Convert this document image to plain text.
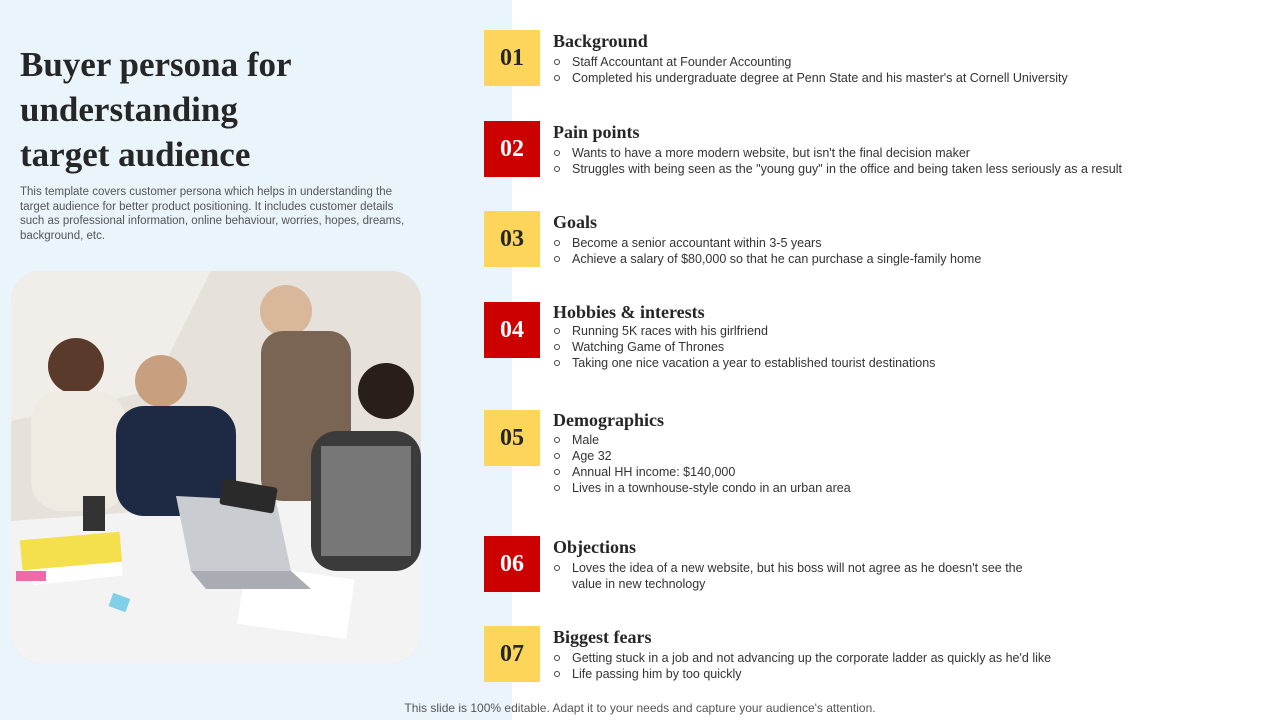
Buyer persona for
understanding
target audience

This template covers customer persona which helps in understanding the target audience for better product positioning. It includes customer details such as professional information, online behaviour, worries, hopes, dreams, background, etc.

01
Background
Staff Accountant at Founder Accounting
Completed his undergraduate degree at Penn State and his master's at Cornell University
02
Pain points
Wants to have a more modern website, but isn't the final decision maker
Struggles with being seen as the "young guy" in the office and being taken less seriously as a result
03
Goals
Become a senior accountant within 3-5 years
Achieve a salary of $80,000 so that he can purchase a single-family home
04
Hobbies & interests
Running 5K races with his girlfriend
Watching Game of Thrones
Taking one nice vacation a year to established tourist destinations
05
Demographics
Male
Age 32
Annual HH income: $140,000
Lives in a townhouse-style condo in an urban area
06
Objections
Loves the idea of a new website, but his boss will not agree as he doesn't see the value in new technology
07
Biggest fears
Getting stuck in a job and not advancing up the corporate ladder as quickly as he'd like
Life passing him by too quickly
This slide is 100% editable. Adapt it to your needs and capture your audience's attention.
